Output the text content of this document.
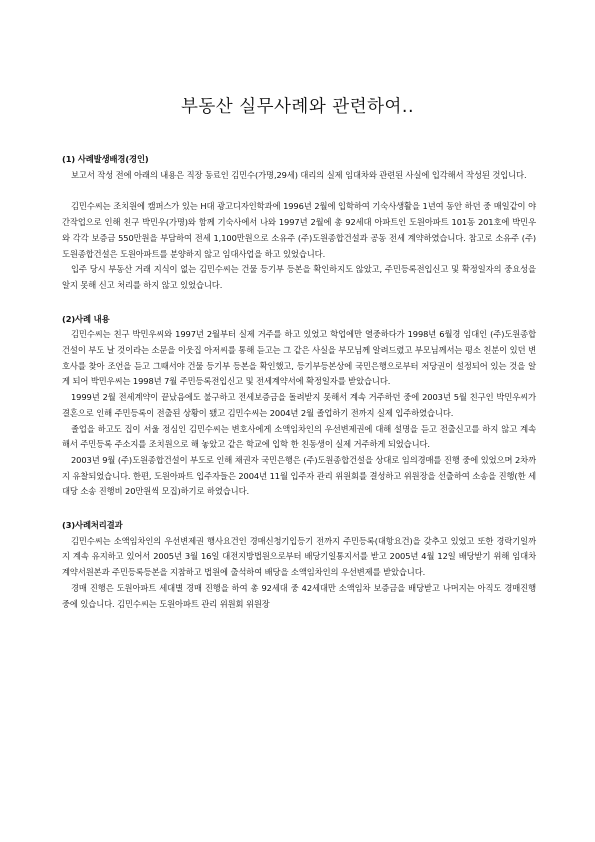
부동산 실무사례와 관련하여..

(1) 사례발생배경(경인)

보고서 작성 전에 아래의 내용은 직장 동료인 김민수(가명,29세) 대리의 실제 임대차와 관련된 사실에 입각해서 작성된 것입니다.

김민수씨는 조치원에 캠퍼스가 있는 H대 광고디자인학과에 1996년 2월에 입학하여 기숙사생활을 1년여 동안 하던 중 매일같이 야간작업으로 인해 친구 박민우(가명)와 함께 기숙사에서 나와 1997년 2월에 총 92세대 아파트인 도원아파트 101동 201호에 박민우와 각각 보증금 550만원을 부담하여 전세 1,100만원으로 소유주 (주)도원종합건설과 공동 전세 계약하였습니다. 참고로 소유주 (주)도원종합건설은 도원아파트를 분양하지 않고 임대사업을 하고 있었습니다.

입주 당시 부동산 거래 지식이 없는 김민수씨는 건물 등기부 등본을 확인하지도 않았고, 주민등록전입신고 및 확정일자의 중요성을 알지 못해 신고 처리를 하지 않고 있었습니다.

(2)사례 내용

김민수씨는 친구 박민우씨와 1997년 2월부터 실제 거주를 하고 있었고 학업에만 열중하다가 1998년 6월경 임대인 (주)도원종합건설이 부도 날 것이라는 소문을 이웃집 아저씨를 통해 듣고는 그 같은 사실을 부모님께 알려드렸고 부모님께서는 평소 친분이 있던 변호사를 찾아 조언을 듣고 그때서야 건물 등기부 등본을 확인했고, 등기부등본상에 국민은행으로부터 저당권이 설정되어 있는 것을 알게 되어 박민우씨는 1998년 7월 주민등록전입신고 및 전세계약서에 확정일자를 받았습니다.

1999년 2월 전세계약이 끝났음에도 불구하고 전세보증금을 돌려받지 못해서 계속 거주하던 중에 2003년 5월 친구인 박민우씨가 결혼으로 인해 주민등록이 전출된 상황이 됐고 김민수씨는 2004년 2월 졸업하기 전까지 실제 입주하였습니다.

졸업을 하고도 집이 서울 정심인 김민수씨는 변호사에게 소액임차인의 우선변제권에 대해 설명을 듣고 전출신고를 하지 않고 계속해서 주민등록 주소지를 조치원으로 해 놓았고 같은 학교에 입학 한 친동생이 실제 거주하게 되었습니다.

2003년 9월 (주)도원종합건설이 부도로 인해 채권자 국민은행은 (주)도원종합건설을 상대로 임의경매를 진행 중에 있었으며 2차까지 유찰되었습니다. 한편, 도원아파트 입주자들은 2004년 11월 입주자 관리 위원회를 결성하고 위원장을 선출하여 소송을 진행(한 세대당 소송 진행비 20만원씩 모집)하기로 하였습니다.

(3)사례처리결과

김민수씨는 소액임차인의 우선변제권 행사요건인 경매신청기입등기 전까지 주민등록(대항요건)을 갖추고 있었고 또한 경락기일까지 계속 유지하고 있어서 2005년 3월 16일 대전지방법원으로부터 배당기일통지서를 받고 2005년 4월 12일 배당받기 위해 임대차계약서원본과 주민등록등본을 지참하고 법원에 출석하여 배당을 소액임차인의 우선변제를 받았습니다.

경매 진행은 도원아파트 세대별 경매 진행을 하여 총 92세대 중 42세대만 소액임차 보증금을 배당받고 나머지는 아직도 경매진행 중에 있습니다. 김민수씨는 도원아파트 관리 위원회 위원장
